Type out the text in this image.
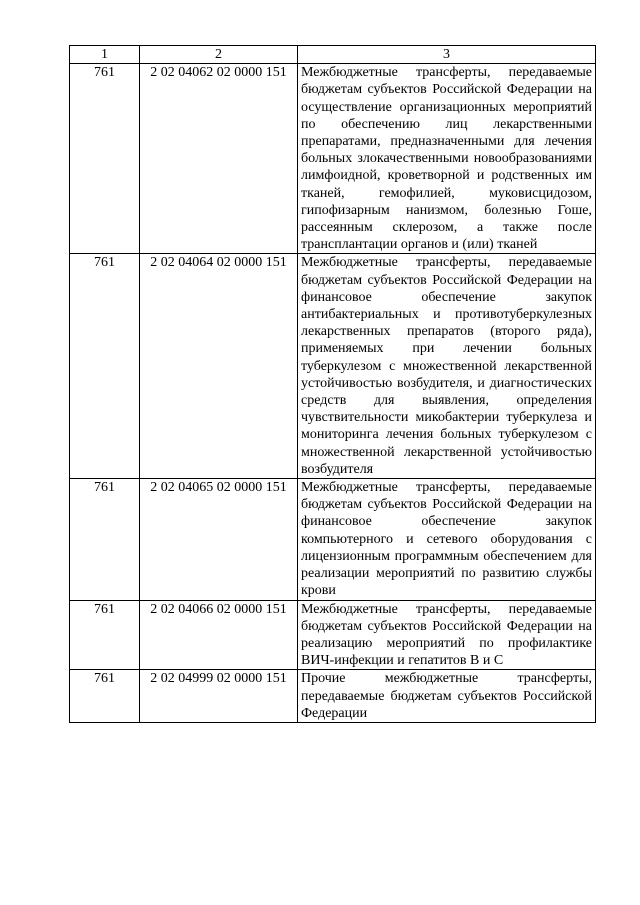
1	2	3
761	2 02 04062 02 0000 151	Межбюджетные трансферты, передаваемые бюджетам субъектов Российской Федерации на осуществление организационных мероприятий по обеспечению лиц лекарственными препаратами, предназначенными для лечения больных злокачественными новообразованиями лимфоидной, кроветворной и родственных им тканей, гемофилией, муковисцидозом, гипофизарным нанизмом, болезнью Гоше, рассеянным склерозом, а также после трансплантации органов и (или) тканей
761	2 02 04064 02 0000 151	Межбюджетные трансферты, передаваемые бюджетам субъектов Российской Федерации на финансовое обеспечение закупок антибактериальных и противотуберкулезных лекарственных препаратов (второго ряда), применяемых при лечении больных туберкулезом с множественной лекарственной устойчивостью возбудителя, и диагностических средств для выявления, определения чувствительности микобактерии туберкулеза и мониторинга лечения больных туберкулезом с множественной лекарственной устойчивостью возбудителя
761	2 02 04065 02 0000 151	Межбюджетные трансферты, передаваемые бюджетам субъектов Российской Федерации на финансовое обеспечение закупок компьютерного и сетевого оборудования с лицензионным программным обеспечением для реализации мероприятий по развитию службы крови
761	2 02 04066 02 0000 151	Межбюджетные трансферты, передаваемые бюджетам субъектов Российской Федерации на реализацию мероприятий по профилактике ВИЧ-инфекции и гепатитов В и С
761	2 02 04999 02 0000 151	Прочие межбюджетные трансферты, передаваемые бюджетам субъектов Российской Федерации
